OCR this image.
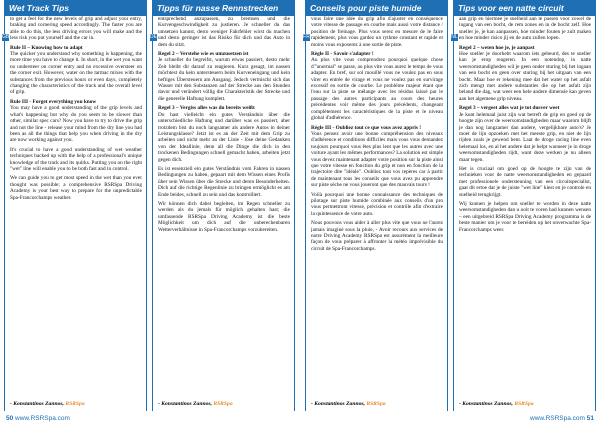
Wet Track Tips
GB

to get a feel for the new levels of grip and adjust your entry, braking and cornering speed accordingly. The faster you are able to do this, the less driving errors you will make and the less risk you put yourself and the car in.

Rule II – Knowing how to adapt
The quicker you understand why something is happening, the more time you have to change it. In short, in the wet you want no understeer on corner entry and no excessive oversteer on the corner exit. However, water on the tarmac mixes with the substances from the previous hours or even days, completely changing the characteristics of the track and the overall level of grip.

Rule III - Forget everything you know
You may have a good understanding of the grip levels and what's happening but why do you seem to be slower than other, similar spec cars? Now you have to try to drive the grip and not the line - release your mind from the dry line you had been as all the things that help you when driving in the dry are now working against you.

It's crucial to have a good understanding of wet weather techniques backed up with the help of a professional's unique knowledge of the track and its quirks. Putting you on the right "wet" line will enable you to be both fast and in control.

We can guide you to get most speed in the wet than you ever thought was possible; a comprehensive RSRSpa Driving Academy is your best way to prepare for the unpredictable Spa-Francorchamps weather.

- Konstantinos Zannos, RSRSpa
Tipps für nasse Rennstrecken
DE

entsprechend anzupassen, zu bremsen und die Kurvengeschwindigkeit zu justieren. Je schneller du das umsetzen kannst, desto weniger Fahrfehler wirst du machen und desto geringer ist das Risiko für dich und das Auto in dem du sitzt.

Regel 2 – Verstehe wie es umzusetzen ist
Je schneller du begreifst, warum etwas passiert, desto mehr Zeit bleibt dir darauf zu reagieren. Kurz gesagt, im nassen möchtest du kein untersteuern beim Kurveneingang und kein heftiges Übersteuern am Ausgang. Jedoch vermischt sich das Wasser mit den Substanzen auf der Strecke aus den Stunden davor und verändert völlig die Charakteristik der Strecke und die generelle Haftung komplett.

Regel 3 – Vergiss alles was du bereits weißt
Du hast vielleicht ein gutes Verständnis über die unterschiedliche Haftung und darüber was es passiert, aber trotzdem bist du noch langsamer als andere Autos in deiner Leistungsklasse? Jetzt ist es an der Zeit mit dem Grip zu arbeiten und nicht mehr an der Linie - löse deine Gedanken von der Ideallinie, denn all die Dinge die dich in den trockenen Bedingungen schnell gemacht haben, arbeiten jetzt gegen dich.

Es ist essenziell ein gutes Verständnis vom Fahren in nassen Bedingungen zu haben, gepaart mit dem Wissen eines Profis über sein Wissen über die Strecke und deren Besonderheiten. Dich auf die richtige Regenlinie zu bringen ermöglicht es am Ende beides, schnell zu sein und das kontrolliert.

Wir können dich dabei begleiten, im Regen schneller zu werden als du jemals für möglich gehalten hast; die umfassende RSRSpa Driving Academy ist die beste Möglichkeit um dich auf die unberechenbaren Wetterverhältnisse in Spa-Francorchamps vorzubereiten.

- Konstantinos Zannos, RSRSpa
Conseils pour piste humide
FR

vous faire une idée du grip afin d'ajuster en conséquence votre vitesse de passage en courbe mais aussi votre distance / position de freinage. Plus vous serez en mesure de le faire rapidement, plus vous gardez un rythme constant et rapide et moins vous exposerez à une sortie de piste.

Règle II - Savoir s'adapter !
Au plus vite vous comprendrez pourquoi quelque chose d'"anormal" se passe, au plus vite vous aurez le temps de vous adapter. En bref, sur sol mouillé vous ne voulez pas en sous virer en entrée de virage et vous ne voulez pas en survirage excessif en sortie de courbe. Le problème majeur étant que l'eau sur la piste se mélange avec les résidus laissé par le passage des autres participants au cours des heures précédentes voir même des jours précédents, changeant complètement les caractéristiques de la piste et le niveau global d'adhérence.

Règle III - Oubliez tout ce que vous avez appris !
Vous pensez avoir une bonne compréhension des niveaux d'adhérence et conditions difficiles mais vous vous demandez toujours pourquoi vous êtes plus lent que les autres avec une voiture ayant les mêmes performances? La solution est simple vous devez maintenant adapter votre position sur la piste ainsi que votre vitesse en fonction du grip et non en fonction de la trajectoire dite "idéale". Oubliez tout vos repères car à partir de maintenant tous les conseils que vous avez pu apprendre sur piste sèche ne vous joueront que des mauvais tours !

Voilà pourquoi une bonne connaissance des techniques de pilotage sur piste humide combinée aux conseils d'un pro vous permettront vitesse, précision et contrôle afin d'extraire la quintessence de votre auto.

Nous pouvons vous aider à aller plus vite que vous ne l'aurez jamais imaginé sous la pluie, - Avoir recours aux services de notre Driving Academy RSRSpa est assurément la meilleure façon de vous préparer à affronter la météo imprévisible du circuit de Spa-Francorchamps.

- Konstantinos Zannos, RSRSpa
Tips voor een natte circuit
NL

aan grip en hiermee je snelheid aan te passen voor zowel de ingang van een bocht, de rem zones en in de bocht zelf. Hoe sneller je, je kan aanpassen, hoe minder fouten je zult maken en hoe minder risico jij en de auto zullen lopen.

Regel 2 – weten hoe je, je aanpast
Hoe sneller je doorhebt waarom iets gebeurd, des te sneller kan je erop reageren. In een notendop, in natte weersomstandigheden wil je geen onder sturing bij het ingaan van een bocht en geen over sturing bij het uitgaan van een bocht. Maar hoe er rekening mee dat het water op het asfalt zich mengt met andere substanties die op het asfalt zijn beland die dag, wat weer een hele andere dimensie kan geven aan het algemene grip niveau.

Regel 3 – vergeet alles wat je tot dusver weet
Je kunt helemaal juist zijn wat betreft de grip en goed op de hoogte zijn over de weersomstandigheden maar waarom blijft je dan nog langzamer dan andere, vergelijkbare auto's? Je moet de lijn opzoeken met het meeste grip, en niet de lijn rijden zoals je gewend bent. Laat de droge racing line even helemaal los, en al het andere dat je helpt wanneer je in droge weersomstandigheden rijdt, want deze werken je nu alleen maar tegen.

Het is cruciaal om goed op de hoogte te zijn van de technieken voor de natte weersomstandigheden en gepaard met professionele ondersteuning van een circuitspecialist, gaat dit ertoe dat je de juiste "wet line" kiest en je controle en snelheid terugkrijgt.

Wij kunnen je helpen om sneller te worden in deze natte weersomstandigheden dan u ooit te voren had kunnen wensen – een uitgebreid RSRSpa Driving Academy programma is de beste manier om je voor te bereiden op het onverwachte Spa-Francorchamps weer.

- Konstantinos Zannos, RSRSpa
50 www.RSRSpa.com	www.RSRSpa.com 51
